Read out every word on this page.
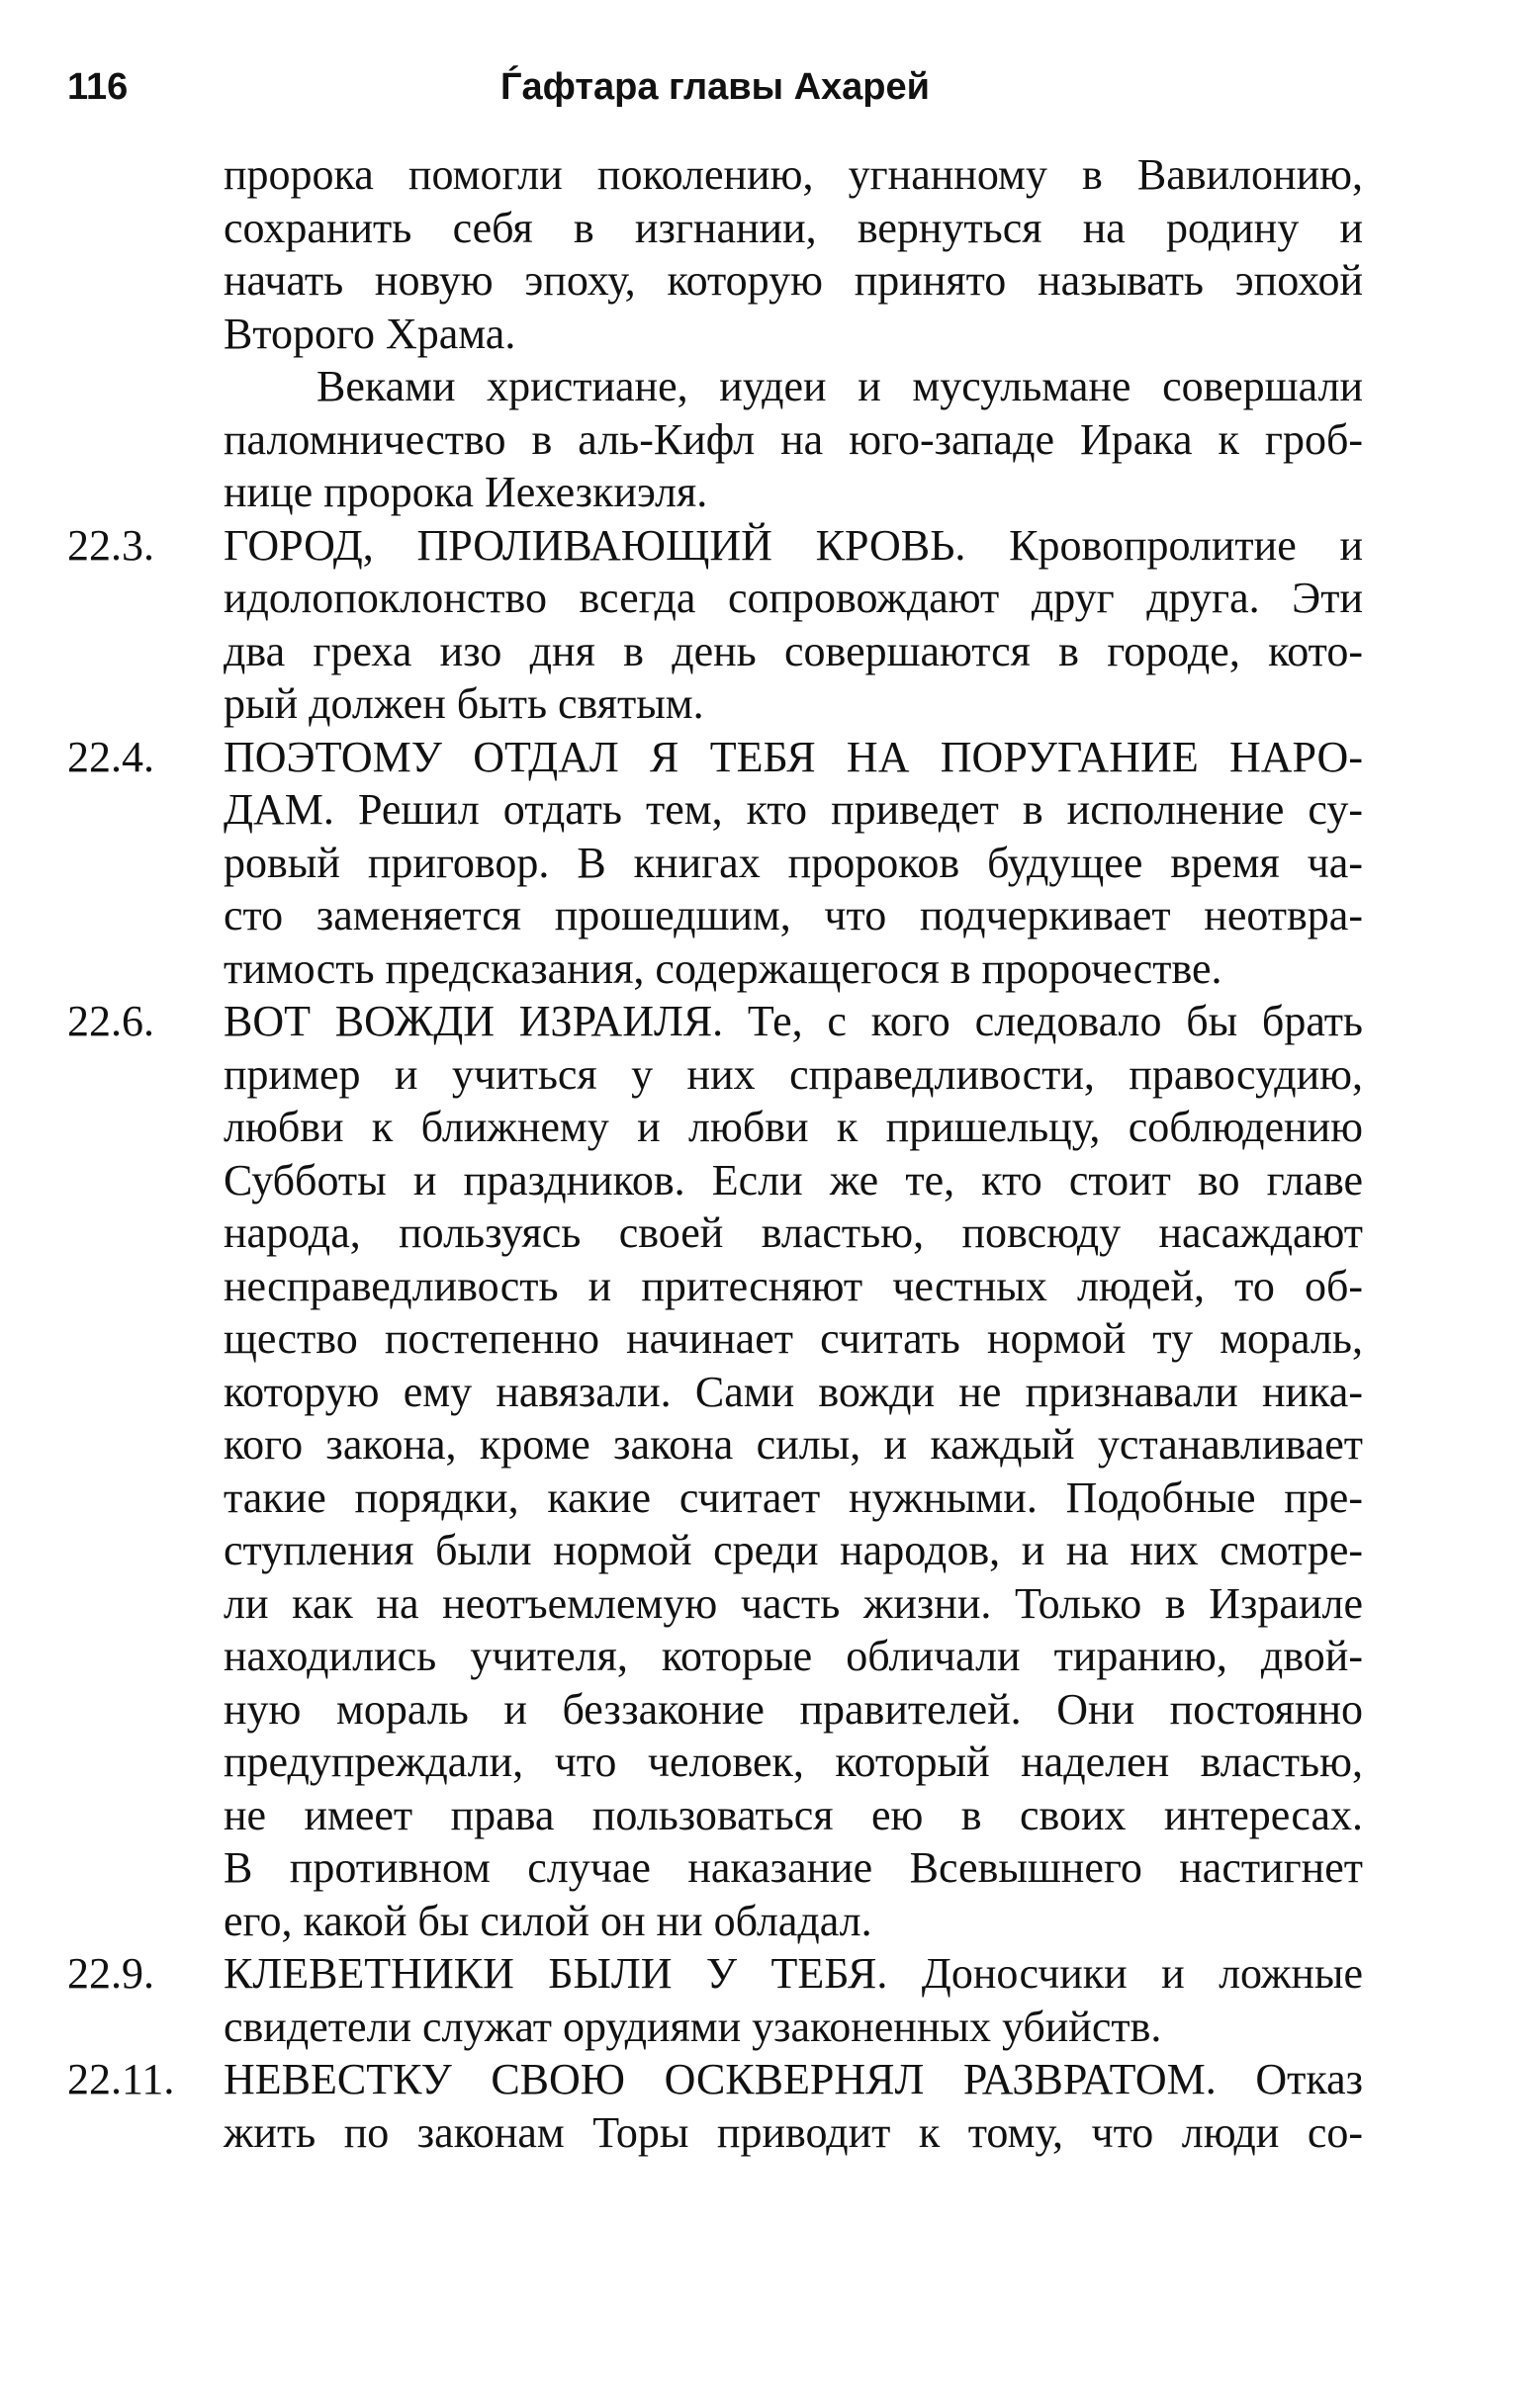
116	Ѓафтара главы Ахарей
пророка помогли поколению, угнанному в Вавилонию,
сохранить себя в изгнании, вернуться на родину и
начать новую эпоху, которую принято называть эпохой
Второго Храма.
Веками христиане, иудеи и мусульмане совершали
паломничество в аль-Кифл на юго-западе Ирака к гроб-
нице пророка Иехезкиэля.
22.3. ГОРОД, ПРОЛИВАЮЩИЙ КРОВЬ. Кровопролитие и
идолопоклонство всегда сопровождают друг друга. Эти
два греха изо дня в день совершаются в городе, кото-
рый должен быть святым.
22.4. ПОЭТОМУ ОТДАЛ Я ТЕБЯ НА ПОРУГАНИЕ НАРО-
ДАМ. Решил отдать тем, кто приведет в исполнение су-
ровый приговор. В книгах пророков будущее время ча-
сто заменяется прошедшим, что подчеркивает неотвра-
тимость предсказания, содержащегося в пророчестве.
22.6. ВОТ ВОЖДИ ИЗРАИЛЯ. Те, с кого следовало бы брать
пример и учиться у них справедливости, правосудию,
любви к ближнему и любви к пришельцу, соблюдению
Субботы и праздников. Если же те, кто стоит во главе
народа, пользуясь своей властью, повсюду насаждают
несправедливость и притесняют честных людей, то об-
щество постепенно начинает считать нормой ту мораль,
которую ему навязали. Сами вожди не признавали ника-
кого закона, кроме закона силы, и каждый устанавливает
такие порядки, какие считает нужными. Подобные пре-
ступления были нормой среди народов, и на них смотре-
ли как на неотъемлемую часть жизни. Только в Израиле
находились учителя, которые обличали тиранию, двой-
ную мораль и беззаконие правителей. Они постоянно
предупреждали, что человек, который наделен властью,
не имеет права пользоваться ею в своих интересах.
В противном случае наказание Всевышнего настигнет
его, какой бы силой он ни обладал.
22.9. КЛЕВЕТНИКИ БЫЛИ У ТЕБЯ. Доносчики и ложные
свидетели служат орудиями узаконенных убийств.
22.11. НЕВЕСТКУ СВОЮ ОСКВЕРНЯЛ РАЗВРАТОМ. Отказ
жить по законам Торы приводит к тому, что люди со-
